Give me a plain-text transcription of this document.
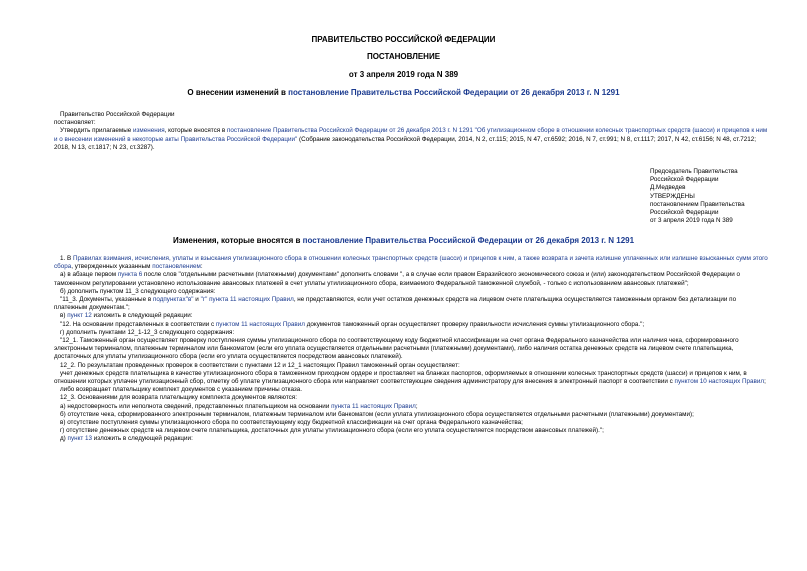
ПРАВИТЕЛЬСТВО РОССИЙСКОЙ ФЕДЕРАЦИИ
ПОСТАНОВЛЕНИЕ
от 3 апреля 2019 года N 389
О внесении изменений в постановление Правительства Российской Федерации от 26 декабря 2013 г. N 1291

Правительство Российской Федерации

постановляет:

Утвердить прилагаемые изменения, которые вносятся в постановление Правительства Российской Федерации от 26 декабря 2013 г. N 1291 "Об утилизационном сборе в отношении колесных транспортных средств (шасси) и прицепов к ним и о внесении изменений в некоторые акты Правительства Российской Федерации" (Собрание законодательства Российской Федерации, 2014, N 2, ст.115; 2015, N 47, ст.6592; 2016, N 7, ст.991; N 8, ст.1117; 2017, N 42, ст.6156; N 48, ст.7212; 2018, N 13, ст.1817; N 23, ст.3287).

Председатель Правительства
Российской Федерации
Д.Медведев
УТВЕРЖДЕНЫ
постановлением Правительства
Российской Федерации
от 3 апреля 2019 года N 389
Изменения, которые вносятся в постановление Правительства Российской Федерации от 26 декабря 2013 г. N 1291

1. В Правилах взимания, исчисления, уплаты и взыскания утилизационного сбора в отношении колесных транспортных средств (шасси) и прицепов к ним, а также возврата и зачета излишне уплаченных или излишне взысканных сумм этого сбора, утвержденных указанным постановлением:

а) в абзаце первом пункта 6 после слов "отдельными расчетными (платежными) документами" дополнить словами ", а в случае если правом Евразийского экономического союза и (или) законодательством Российской Федерации о таможенном регулировании установлено использование авансовых платежей в счет уплаты утилизационного сбора, взимаемого Федеральной таможенной службой, - только с использованием авансовых платежей";

б) дополнить пунктом 11_3 следующего содержания:

"11_3. Документы, указанные в подпунктах"в" и "г" пункта 11 настоящих Правил, не представляются, если учет остатков денежных средств на лицевом счете плательщика осуществляется таможенным органом без детализации по платежным документам.";

в) пункт 12 изложить в следующей редакции:

"12. На основании представленных в соответствии с пунктом 11 настоящих Правил документов таможенный орган осуществляет проверку правильности исчисления суммы утилизационного сбора.";

г) дополнить пунктами 12_1-12_3 следующего содержания:

"12_1. Таможенный орган осуществляет проверку поступления суммы утилизационного сбора по соответствующему коду бюджетной классификации на счет органа Федерального казначейства или наличия чека, сформированного электронным терминалом, платежным терминалом или банкоматом (если его уплата осуществляется отдельными расчетными (платежными) документами), либо наличия остатка денежных средств на лицевом счете плательщика, достаточных для уплаты утилизационного сбора (если его уплата осуществляется посредством авансовых платежей).

12_2. По результатам проведенных проверок в соответствии с пунктами 12 и 12_1 настоящих Правил таможенный орган осуществляет:

учет денежных средств плательщика в качестве утилизационного сбора в таможенном приходном ордере и проставляет на бланках паспортов, оформляемых в отношении колесных транспортных средств (шасси) и прицепов к ним, в отношении которых уплачен утилизационный сбор, отметку об уплате утилизационного сбора или направляет соответствующие сведения администратору для внесения в электронный паспорт в соответствии с пунктом 10 настоящих Правил;

либо возвращает плательщику комплект документов с указанием причины отказа.

12_3. Основаниями для возврата плательщику комплекта документов являются:

а) недостоверность или неполнота сведений, представленных плательщиком на основании пункта 11 настоящих Правил;

б) отсутствие чека, сформированного электронным терминалом, платежным терминалом или банкоматом (если уплата утилизационного сбора осуществляется отдельными расчетными (платежными) документами);

в) отсутствие поступления суммы утилизационного сбора по соответствующему коду бюджетной классификации на счет органа Федерального казначейства;

г) отсутствие денежных средств на лицевом счете плательщика, достаточных для уплаты утилизационного сбора (если его уплата осуществляется посредством авансовых платежей).";

д) пункт 13 изложить в следующей редакции:
